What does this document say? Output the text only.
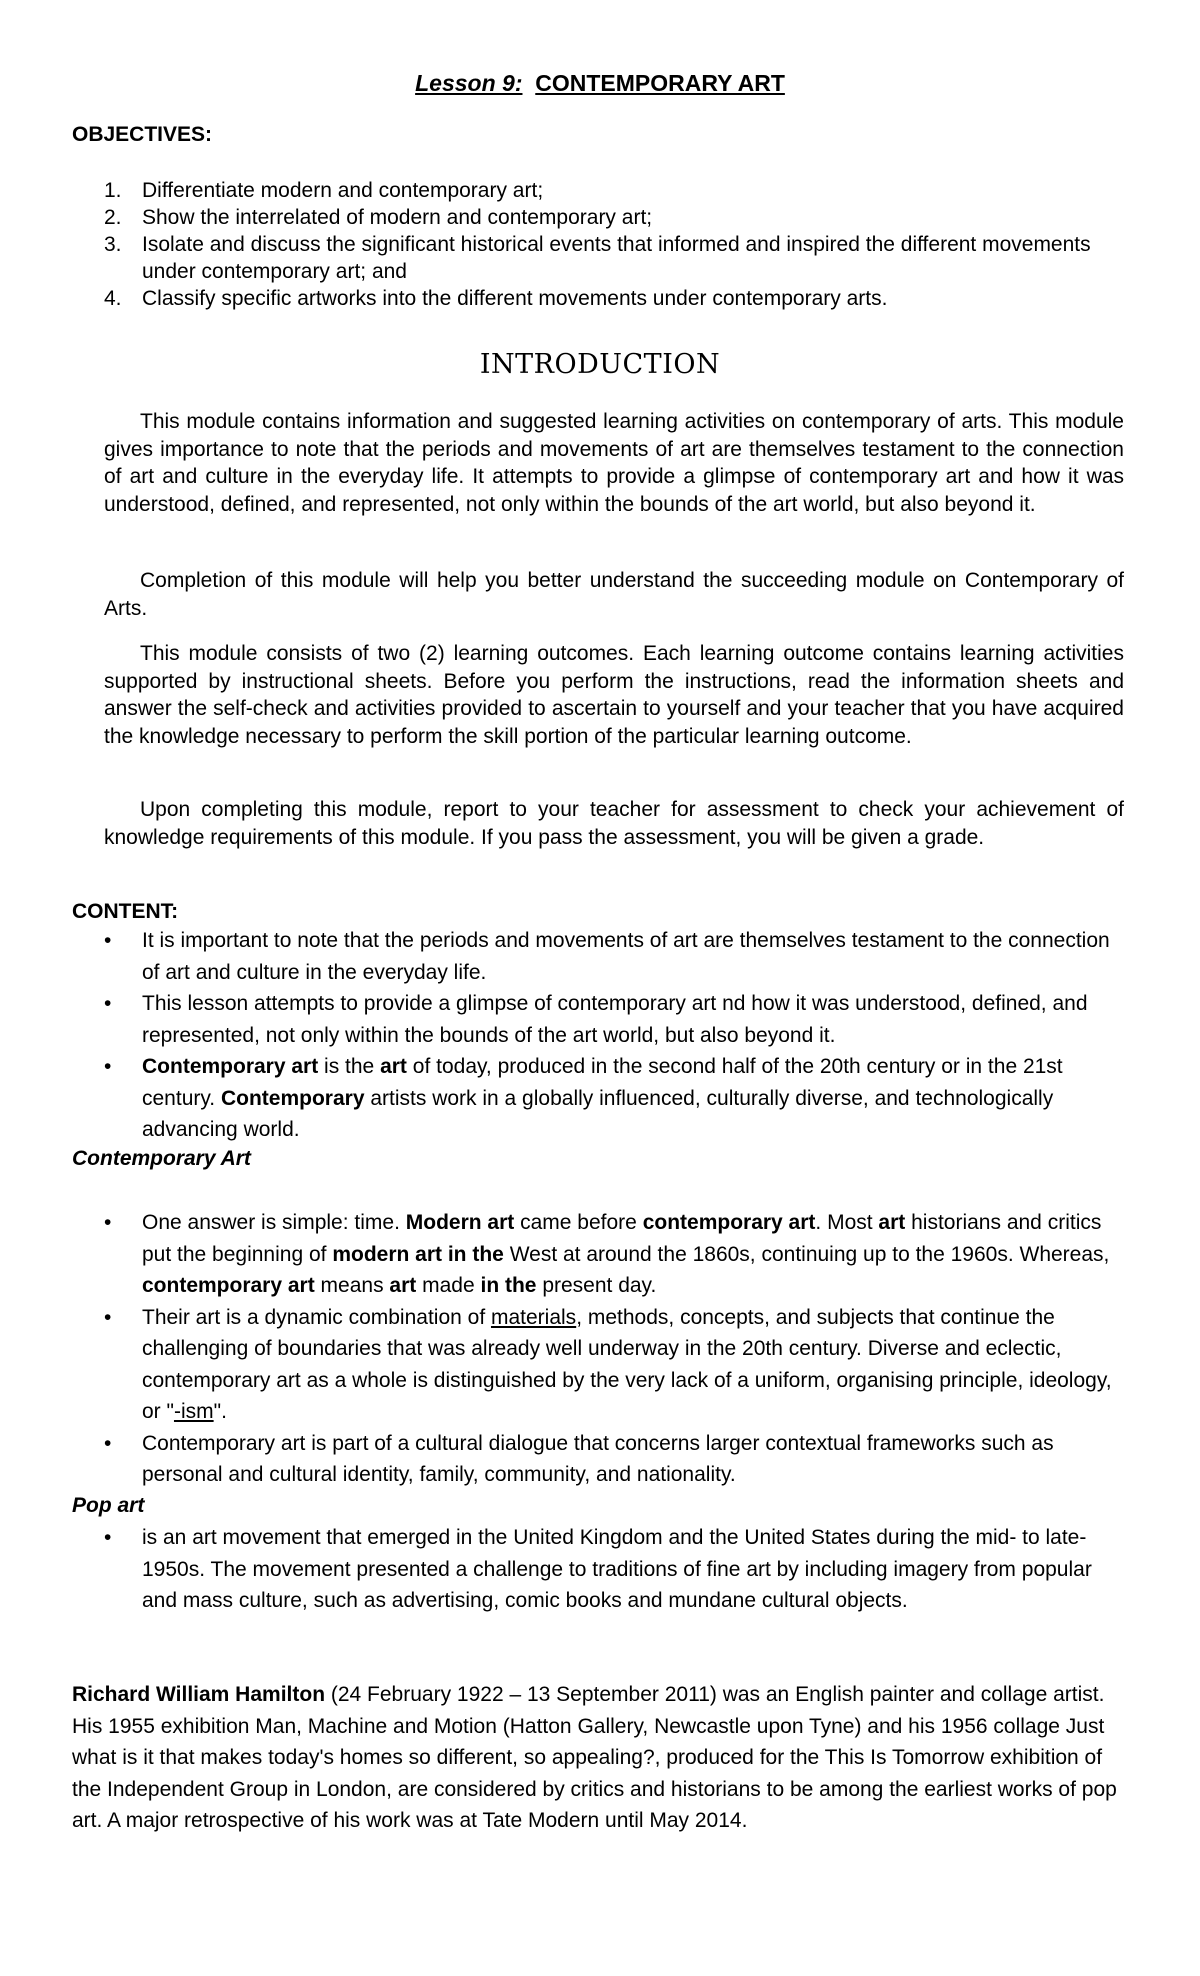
Lesson 9: CONTEMPORARY ART
OBJECTIVES:
1. Differentiate modern and contemporary art;
2. Show the interrelated of modern and contemporary art;
3. Isolate and discuss the significant historical events that informed and inspired the different movements under contemporary art; and
4. Classify specific artworks into the different movements under contemporary arts.
INTRODUCTION

This module contains information and suggested learning activities on contemporary of arts. This module gives importance to note that the periods and movements of art are themselves testament to the connection of art and culture in the everyday life. It attempts to provide a glimpse of contemporary art and how it was understood, defined, and represented, not only within the bounds of the art world, but also beyond it.

Completion of this module will help you better understand the succeeding module on Contemporary of Arts.

This module consists of two (2) learning outcomes. Each learning outcome contains learning activities supported by instructional sheets. Before you perform the instructions, read the information sheets and answer the self-check and activities provided to ascertain to yourself and your teacher that you have acquired the knowledge necessary to perform the skill portion of the particular learning outcome.

Upon completing this module, report to your teacher for assessment to check your achievement of knowledge requirements of this module. If you pass the assessment, you will be given a grade.

CONTENT:
• It is important to note that the periods and movements of art are themselves testament to the connection of art and culture in the everyday life.
• This lesson attempts to provide a glimpse of contemporary art nd how it was understood, defined, and represented, not only within the bounds of the art world, but also beyond it.
• Contemporary art is the art of today, produced in the second half of the 20th century or in the 21st century. Contemporary artists work in a globally influenced, culturally diverse, and technologically advancing world.
Contemporary Art
• One answer is simple: time. Modern art came before contemporary art. Most art historians and critics put the beginning of modern art in the West at around the 1860s, continuing up to the 1960s. Whereas, contemporary art means art made in the present day.
• Their art is a dynamic combination of materials, methods, concepts, and subjects that continue the challenging of boundaries that was already well underway in the 20th century. Diverse and eclectic, contemporary art as a whole is distinguished by the very lack of a uniform, organising principle, ideology, or "-ism".
• Contemporary art is part of a cultural dialogue that concerns larger contextual frameworks such as personal and cultural identity, family, community, and nationality.
Pop art
• is an art movement that emerged in the United Kingdom and the United States during the mid- to late-1950s. The movement presented a challenge to traditions of fine art by including imagery from popular and mass culture, such as advertising, comic books and mundane cultural objects.

Richard William Hamilton (24 February 1922 – 13 September 2011) was an English painter and collage artist. His 1955 exhibition Man, Machine and Motion (Hatton Gallery, Newcastle upon Tyne) and his 1956 collage Just what is it that makes today's homes so different, so appealing?, produced for the This Is Tomorrow exhibition of the Independent Group in London, are considered by critics and historians to be among the earliest works of pop art. A major retrospective of his work was at Tate Modern until May 2014.
